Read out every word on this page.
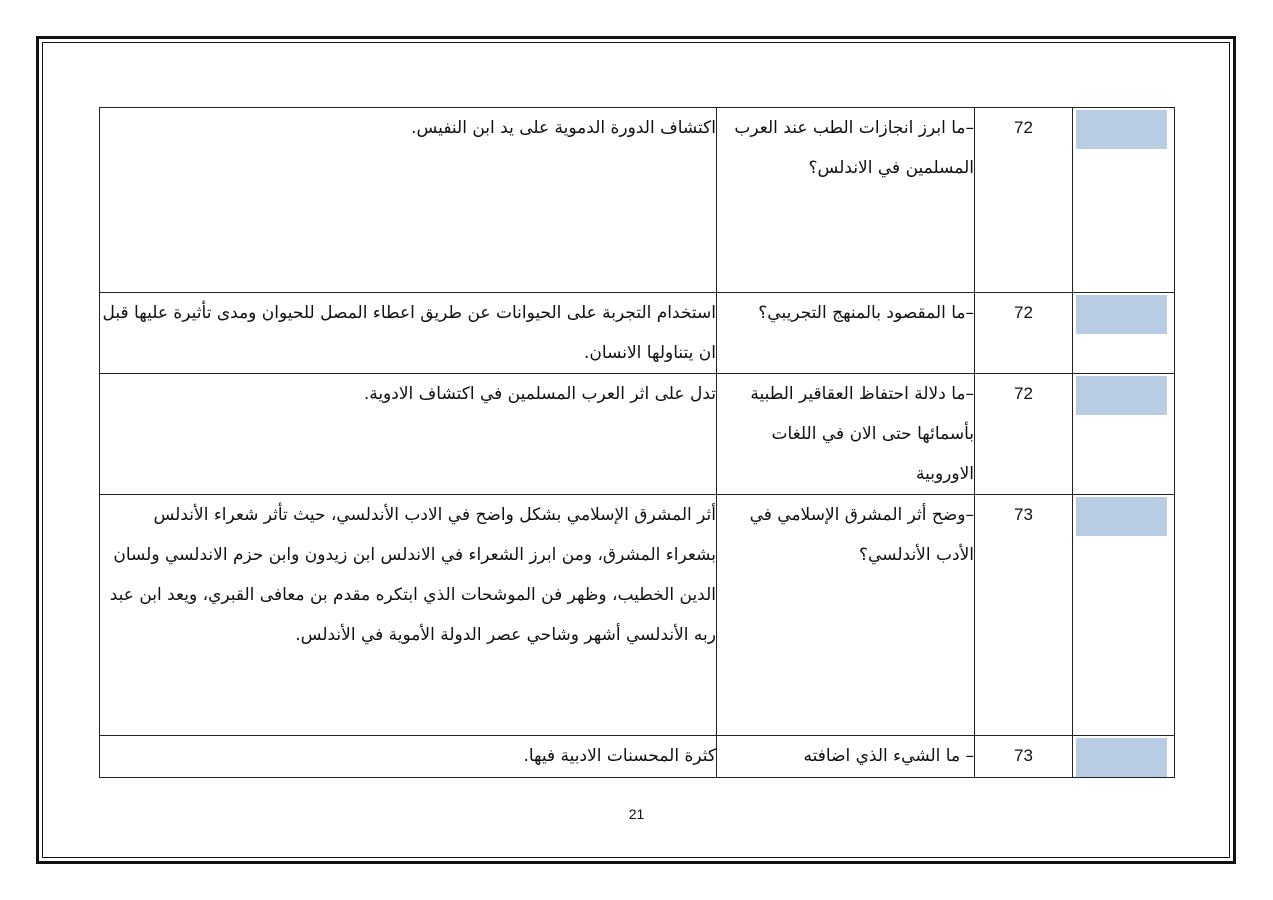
	72	–ما ابرز انجازات الطب عند العرب المسلمين في الاندلس؟	اكتشاف الدورة الدموية على يد ابن النفيس.

	72	–ما المقصود بالمنهج التجريبي؟	استخدام التجربة على الحيوانات عن طريق اعطاء المصل للحيوان ومدى تأثيرة عليها قبل ان يتناولها الانسان.

	72	–ما دلالة احتفاظ العقاقير الطبية بأسمائها حتى الان في اللغات الاوروبية	تدل على اثر العرب المسلمين في اكتشاف الادوية.

	73	–وضح أثر المشرق الإسلامي في الأدب الأندلسي؟	أثر المشرق الإسلامي بشكل واضح في الادب الأندلسي، حيث تأثر شعراء الأندلس بشعراء المشرق، ومن ابرز الشعراء في الاندلس ابن زيدون وابن حزم الاندلسي ولسان الدين الخطيب، وظهر فن الموشحات الذي ابتكره مقدم بن معافى القبري، ويعد ابن عبد ربه الأندلسي أشهر وشاحي عصر الدولة الأموية في الأندلس.

	73	– ما الشيء الذي اضافته	كثرة المحسنات الادبية فيها.
21
